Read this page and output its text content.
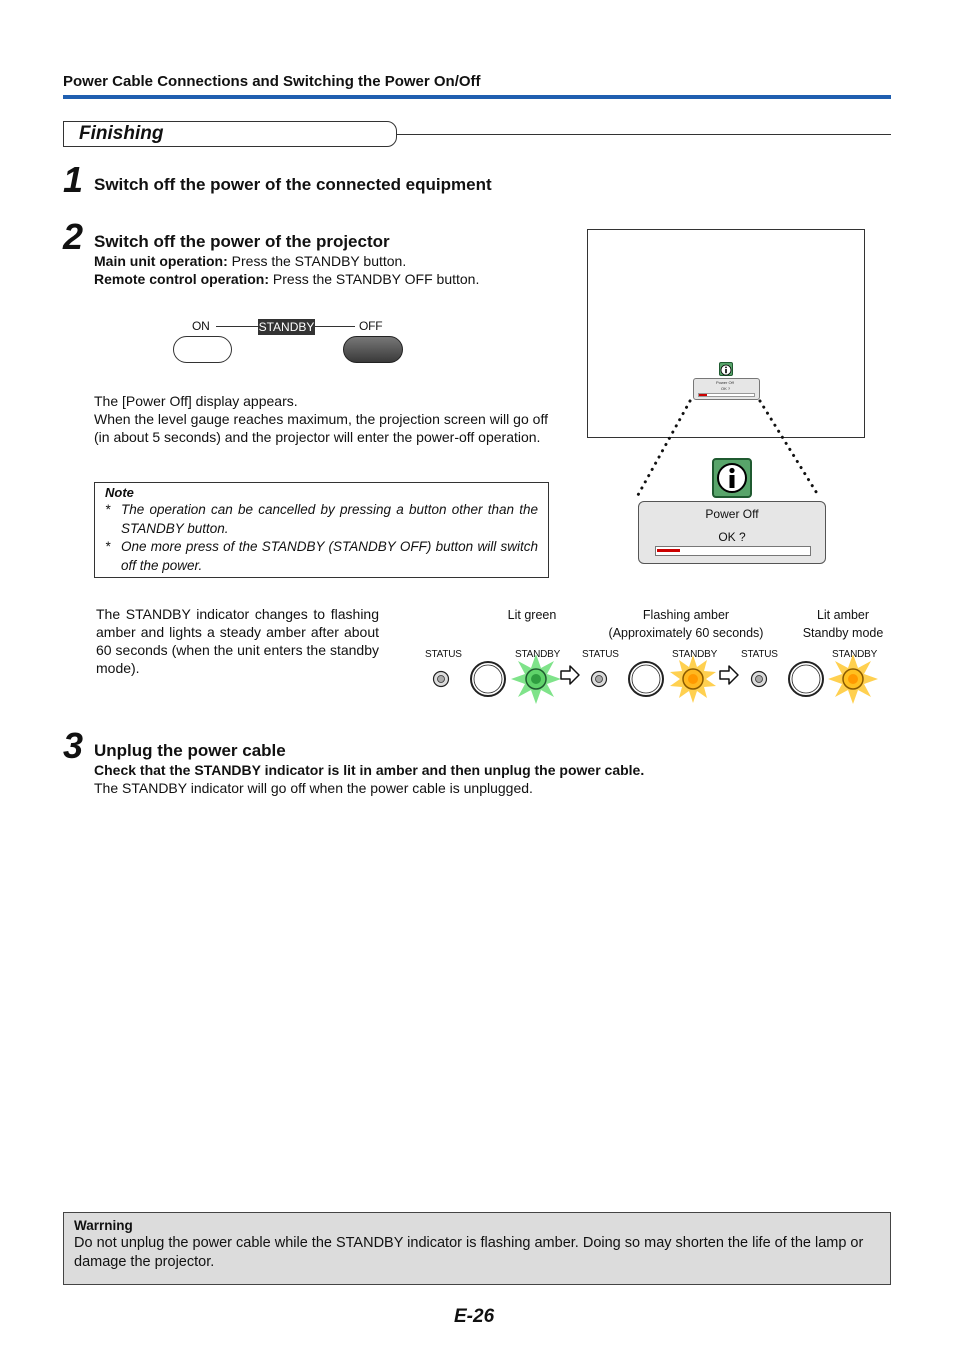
Power Cable Connections and Switching the Power On/Off
Finishing
1 Switch off the power of the connected equipment
2 Switch off the power of the projector
Main unit operation: Press the STANDBY button.
Remote control operation: Press the STANDBY OFF button.
ON	STANDBY	OFF
The [Power Off] display appears.
When the level gauge reaches maximum, the projection screen will go off (in about 5 seconds) and the projector will enter the power-off operation.
Note
* The operation can be cancelled by pressing a button other than the STANDBY button.
* One more press of the STANDBY (STANDBY OFF) button will switch off the power.
Power Off
OK ?
Power Off
OK ?
The STANDBY indicator changes to flashing amber and lights a steady amber after about 60 seconds (when the unit enters the standby mode).
Lit green	Flashing amber
(Approximately 60 seconds)
Lit amber
Standby mode
STATUS	STANDBY STATUS	STANDBY STATUS	STANDBY
3 Unplug the power cable
Check that the STANDBY indicator is lit in amber and then unplug the power cable.
The STANDBY indicator will go off when the power cable is unplugged.
Warrning
Do not unplug the power cable while the STANDBY indicator is flashing amber. Doing so may shorten the life of the lamp or damage the projector.
E-26
